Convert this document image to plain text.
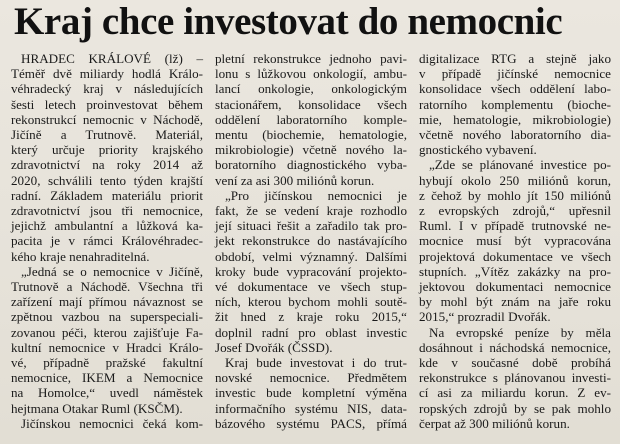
Kraj chce investovat do nemocnic
HRADEC KRÁLOVÉ (lž) –
Téměř dvě miliardy hodlá Králo-
véhradecký kraj v následujících
šesti letech proinvestovat během
rekonstrukcí nemocnic v Náchodě,
Jičíně a Trutnově. Materiál,
který určuje priority krajského
zdravotnictví na roky 2014 až
2020, schválili tento týden krajští
radní. Základem materiálu priorit
zdravotnictví jsou tři nemocnice,
jejichž ambulantní a lůžková ka-
pacita je v rámci Královéhradec-
kého kraje nenahraditelná.
„Jedná se o nemocnice v Jičíně,
Trutnově a Náchodě. Všechna tři
zařízení mají přímou návaznost se
zpětnou vazbou na superspeciali-
zovanou péči, kterou zajišťuje Fa-
kultní nemocnice v Hradci Králo-
vé, případně pražské fakultní
nemocnice, IKEM a Nemocnice
na Homolce,“ uvedl náměstek
hejtmana Otakar Ruml (KSČM).
Jičínskou nemocnici čeká kom-
pletní rekonstrukce jednoho pavi-
lonu s lůžkovou onkologií, ambu-
lancí onkologie, onkologickým
stacionářem, konsolidace všech
oddělení laboratorního komple-
mentu (biochemie, hematologie,
mikrobiologie) včetně nového la-
boratorního diagnostického vyba-
vení za asi 300 miliónů korun.
„Pro jičínskou nemocnici je
fakt, že se vedení kraje rozhodlo
její situaci řešit a zařadilo tak pro-
jekt rekonstrukce do nastávajícího
období, velmi významný. Dalšími
kroky bude vypracování projekto-
vé dokumentace ve všech stup-
ních, kterou bychom mohli soutě-
žit hned z kraje roku 2015,“
doplnil radní pro oblast investic
Josef Dvořák (ČSSD).
Kraj bude investovat i do trut-
novské nemocnice. Předmětem
investic bude kompletní výměna
informačního systému NIS, data-
bázového systému PACS, přímá
digitalizace RTG a stejně jako
v případě jičínské nemocnice
konsolidace všech oddělení labo-
ratorního komplementu (bioche-
mie, hematologie, mikrobiologie)
včetně nového laboratorního dia-
gnostického vybavení.
„Zde se plánované investice po-
hybují okolo 250 miliónů korun,
z čehož by mohlo jít 150 miliónů
z evropských zdrojů,“ upřesnil
Ruml. I v případě trutnovské ne-
mocnice musí být vypracována
projektová dokumentace ve všech
stupních. „Vítěz zakázky na pro-
jektovou dokumentaci nemocnice
by mohl být znám na jaře roku
2015,“ prozradil Dvořák.
Na evropské peníze by měla
dosáhnout i náchodská nemocnice,
kde v současné době probíhá
rekonstrukce s plánovanou investi-
cí asi za miliardu korun. Z ev-
ropských zdrojů by se pak mohlo
čerpat až 300 miliónů korun.
